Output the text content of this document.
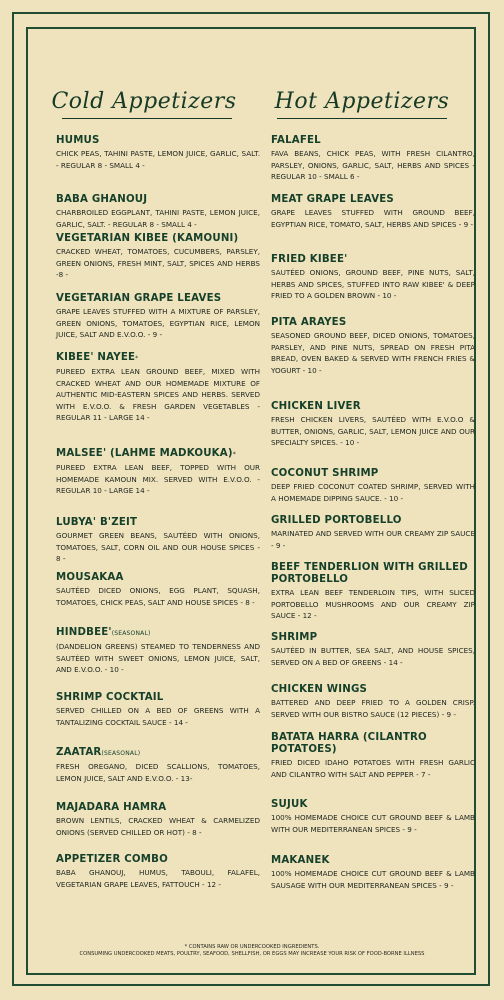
Cold Appetizers	Hot Appetizers
HUMUS
CHICK PEAS, TAHINI PASTE, LEMON JUICE, GARLIC, SALT. - REGULAR 8 - SMALL 4 -
BABA GHANOUJ
CHARBROILED EGGPLANT, TAHINI PASTE, LEMON JUICE, GARLIC, SALT. - REGULAR 8 - SMALL 4 -
VEGETARIAN KIBEE (KAMOUNI)
CRACKED WHEAT, TOMATOES, CUCUMBERS, PARSLEY, GREEN ONIONS, FRESH MINT, SALT, SPICES AND HERBS -8 -
VEGETARIAN GRAPE LEAVES
GRAPE LEAVES STUFFED WITH A MIXTURE OF PARSLEY, GREEN ONIONS, TOMATOES, EGYPTIAN RICE, LEMON JUICE, SALT AND E.V.O.O. - 9 -
KIBEE' NAYEE*
PUREED EXTRA LEAN GROUND BEEF, MIXED WITH CRACKED WHEAT AND OUR HOMEMADE MIXTURE OF AUTHENTIC MID-EASTERN SPICES AND HERBS. SERVED WITH E.V.O.O. & FRESH GARDEN VEGETABLES - REGULAR 11 - LARGE 14 -
MALSEE' (LAHME MADKOUKA)*
PUREED EXTRA LEAN BEEF, TOPPED WITH OUR HOMEMADE KAMOUN MIX. SERVED WITH E.V.O.O. - REGULAR 10 - LARGE 14 -
LUBYA' B'ZEIT
GOURMET GREEN BEANS, SAUTÉED WITH ONIONS, TOMATOES, SALT, CORN OIL AND OUR HOUSE SPICES - 8 -
MOUSAKAA
SAUTÉED DICED ONIONS, EGG PLANT, SQUASH, TOMATOES, CHICK PEAS, SALT AND HOUSE SPICES - 8 -
HINDBEE'(SEASONAL)
(DANDELION GREENS) STEAMED TO TENDERNESS AND SAUTÉED WITH SWEET ONIONS, LEMON JUICE, SALT, AND E.V.O.O. - 10 -
SHRIMP COCKTAIL
SERVED CHILLED ON A BED OF GREENS WITH A TANTALIZING COCKTAIL SAUCE - 14 -
ZAATAR(SEASONAL)
FRESH OREGANO, DICED SCALLIONS, TOMATOES, LEMON JUICE, SALT AND E.V.O.O. - 13-
MAJADARA HAMRA
BROWN LENTILS, CRACKED WHEAT & CARMELIZED ONIONS (SERVED CHILLED OR HOT) - 8 -
APPETIZER COMBO
BABA GHANOUJ, HUMUS, TABOULI, FALAFEL, VEGETARIAN GRAPE LEAVES, FATTOUCH - 12 -
FALAFEL
FAVA BEANS, CHICK PEAS, WITH FRESH CILANTRO, PARSLEY, ONIONS, GARLIC, SALT, HERBS AND SPICES - REGULAR 10 - SMALL 6 -
MEAT GRAPE LEAVES
GRAPE LEAVES STUFFED WITH GROUND BEEF, EGYPTIAN RICE, TOMATO, SALT, HERBS AND SPICES - 9 -
FRIED KIBEE'
SAUTÉED ONIONS, GROUND BEEF, PINE NUTS, SALT, HERBS AND SPICES, STUFFED INTO RAW KIBEE' & DEEP FRIED TO A GOLDEN BROWN - 10 -
PITA ARAYES
SEASONED GROUND BEEF, DICED ONIONS, TOMATOES, PARSLEY, AND PINE NUTS, SPREAD ON FRESH PITA BREAD, OVEN BAKED & SERVED WITH FRENCH FRIES & YOGURT - 10 -
CHICKEN LIVER
FRESH CHICKEN LIVERS, SAUTÉED WITH E.V.O.O & BUTTER, ONIONS, GARLIC, SALT, LEMON JUICE AND OUR SPECIALTY SPICES. - 10 -
COCONUT SHRIMP
DEEP FRIED COCONUT COATED SHRIMP, SERVED WITH A HOMEMADE DIPPING SAUCE. - 10 -
GRILLED PORTOBELLO
MARINATED AND SERVED WITH OUR CREAMY ZIP SAUCE - 9 -
BEEF TENDERLION WITH GRILLED PORTOBELLO
EXTRA LEAN BEEF TENDERLOIN TIPS, WITH SLICED PORTOBELLO MUSHROOMS AND OUR CREAMY ZIP SAUCE - 12 -
SHRIMP
SAUTÉED IN BUTTER, SEA SALT, AND HOUSE SPICES, SERVED ON A BED OF GREENS - 14 -
CHICKEN WINGS
BATTERED AND DEEP FRIED TO A GOLDEN CRISP. SERVED WITH OUR BISTRO SAUCE (12 PIECES) - 9 -
BATATA HARRA (CILANTRO POTATOES)
FRIED DICED IDAHO POTATOES WITH FRESH GARLIC AND CILANTRO WITH SALT AND PEPPER - 7 -
SUJUK
100% HOMEMADE CHOICE CUT GROUND BEEF & LAMB WITH OUR MEDITERRANEAN SPICES - 9 -
MAKANEK
100% HOMEMADE CHOICE CUT GROUND BEEF & LAMB SAUSAGE WITH OUR MEDITERRANEAN SPICES - 9 -
* CONTAINS RAW OR UNDERCOOKED INGREDIENTS.
CONSUMING UNDERCOOKED MEATS, POULTRY, SEAFOOD, SHELLFISH, OR EGGS MAY INCREASE YOUR RISK OF FOOD-BORNE ILLNESS
